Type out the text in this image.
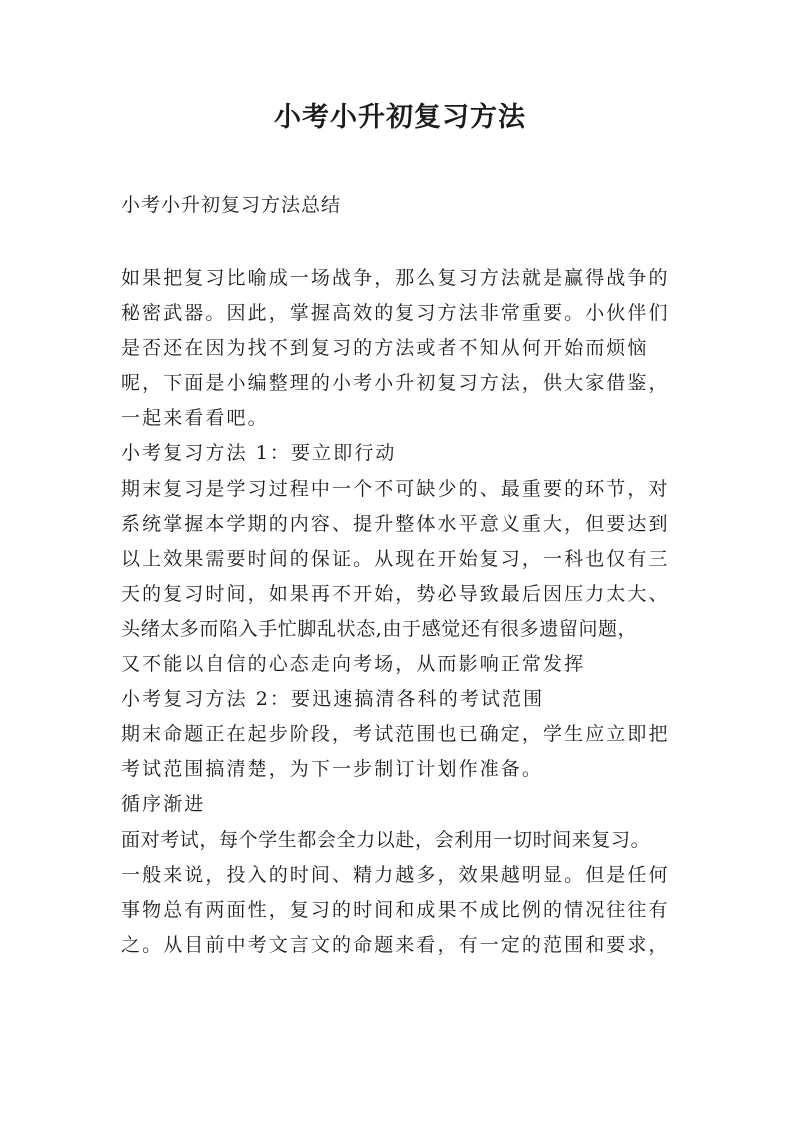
小考小升初复习方法

小考小升初复习方法总结

如果把复习比喻成一场战争，那么复习方法就是赢得战争的
秘密武器。因此，掌握高效的复习方法非常重要。小伙伴们
是否还在因为找不到复习的方法或者不知从何开始而烦恼
呢，下面是小编整理的小考小升初复习方法，供大家借鉴，
一起来看看吧。
小考复习方法 1：要立即行动
期末复习是学习过程中一个不可缺少的、最重要的环节，对
系统掌握本学期的内容、提升整体水平意义重大，但要达到
以上效果需要时间的保证。从现在开始复习，一科也仅有三
天的复习时间，如果再不开始，势必导致最后因压力太大、
头绪太多而陷入手忙脚乱状态,由于感觉还有很多遗留问题，
又不能以自信的心态走向考场，从而影响正常发挥
小考复习方法 2：要迅速搞清各科的考试范围
期末命题正在起步阶段，考试范围也已确定，学生应立即把
考试范围搞清楚，为下一步制订计划作准备。
循序渐进
面对考试，每个学生都会全力以赴，会利用一切时间来复习。
一般来说，投入的时间、精力越多，效果越明显。但是任何
事物总有两面性，复习的时间和成果不成比例的情况往往有
之。从目前中考文言文的命题来看，有一定的范围和要求，
